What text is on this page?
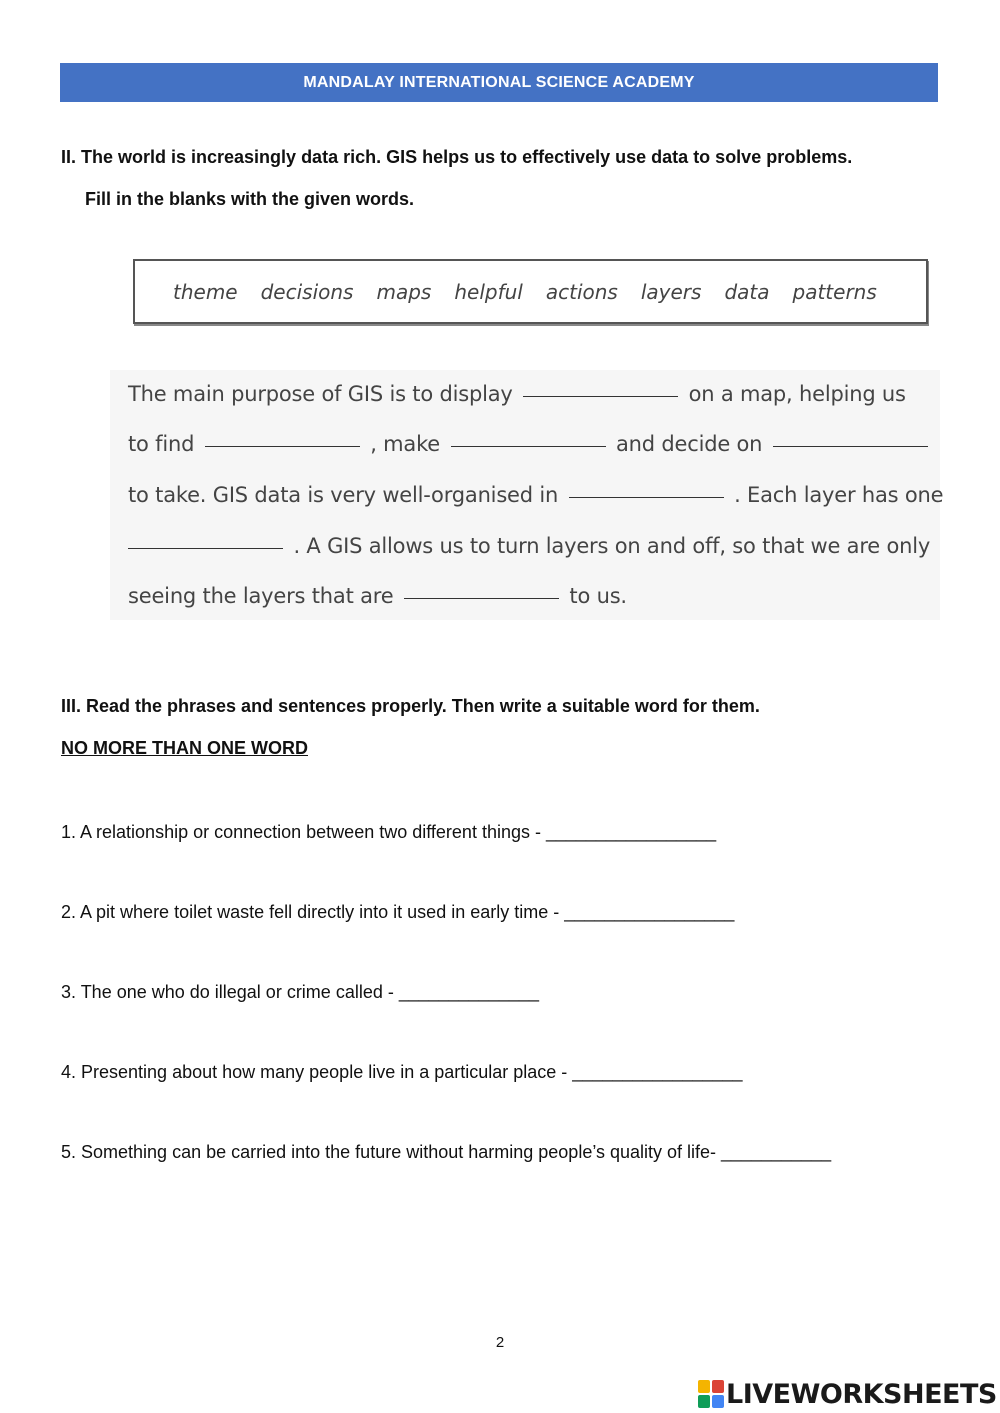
MANDALAY INTERNATIONAL SCIENCE ACADEMY
II. The world is increasingly data rich. GIS helps us to effectively use data to solve problems.
Fill in the blanks with the given words.
theme decisions maps helpful actions layers data patterns
The main purpose of GIS is to display	on a map, helping us
to find	, make	and decide on
to take. GIS data is very well-organised in	. Each layer has one
. A GIS allows us to turn layers on and off, so that we are only
seeing the layers that are	to us.
III. Read the phrases and sentences properly. Then write a suitable word for them.
NO MORE THAN ONE WORD
1. A relationship or connection between two different things - _________________
2. A pit where toilet waste fell directly into it used in early time - _________________
3. The one who do illegal or crime called - ______________
4. Presenting about how many people live in a particular place - _________________
5. Something can be carried into the future without harming people’s quality of life- ___________
2
LIVEWORKSHEETS
